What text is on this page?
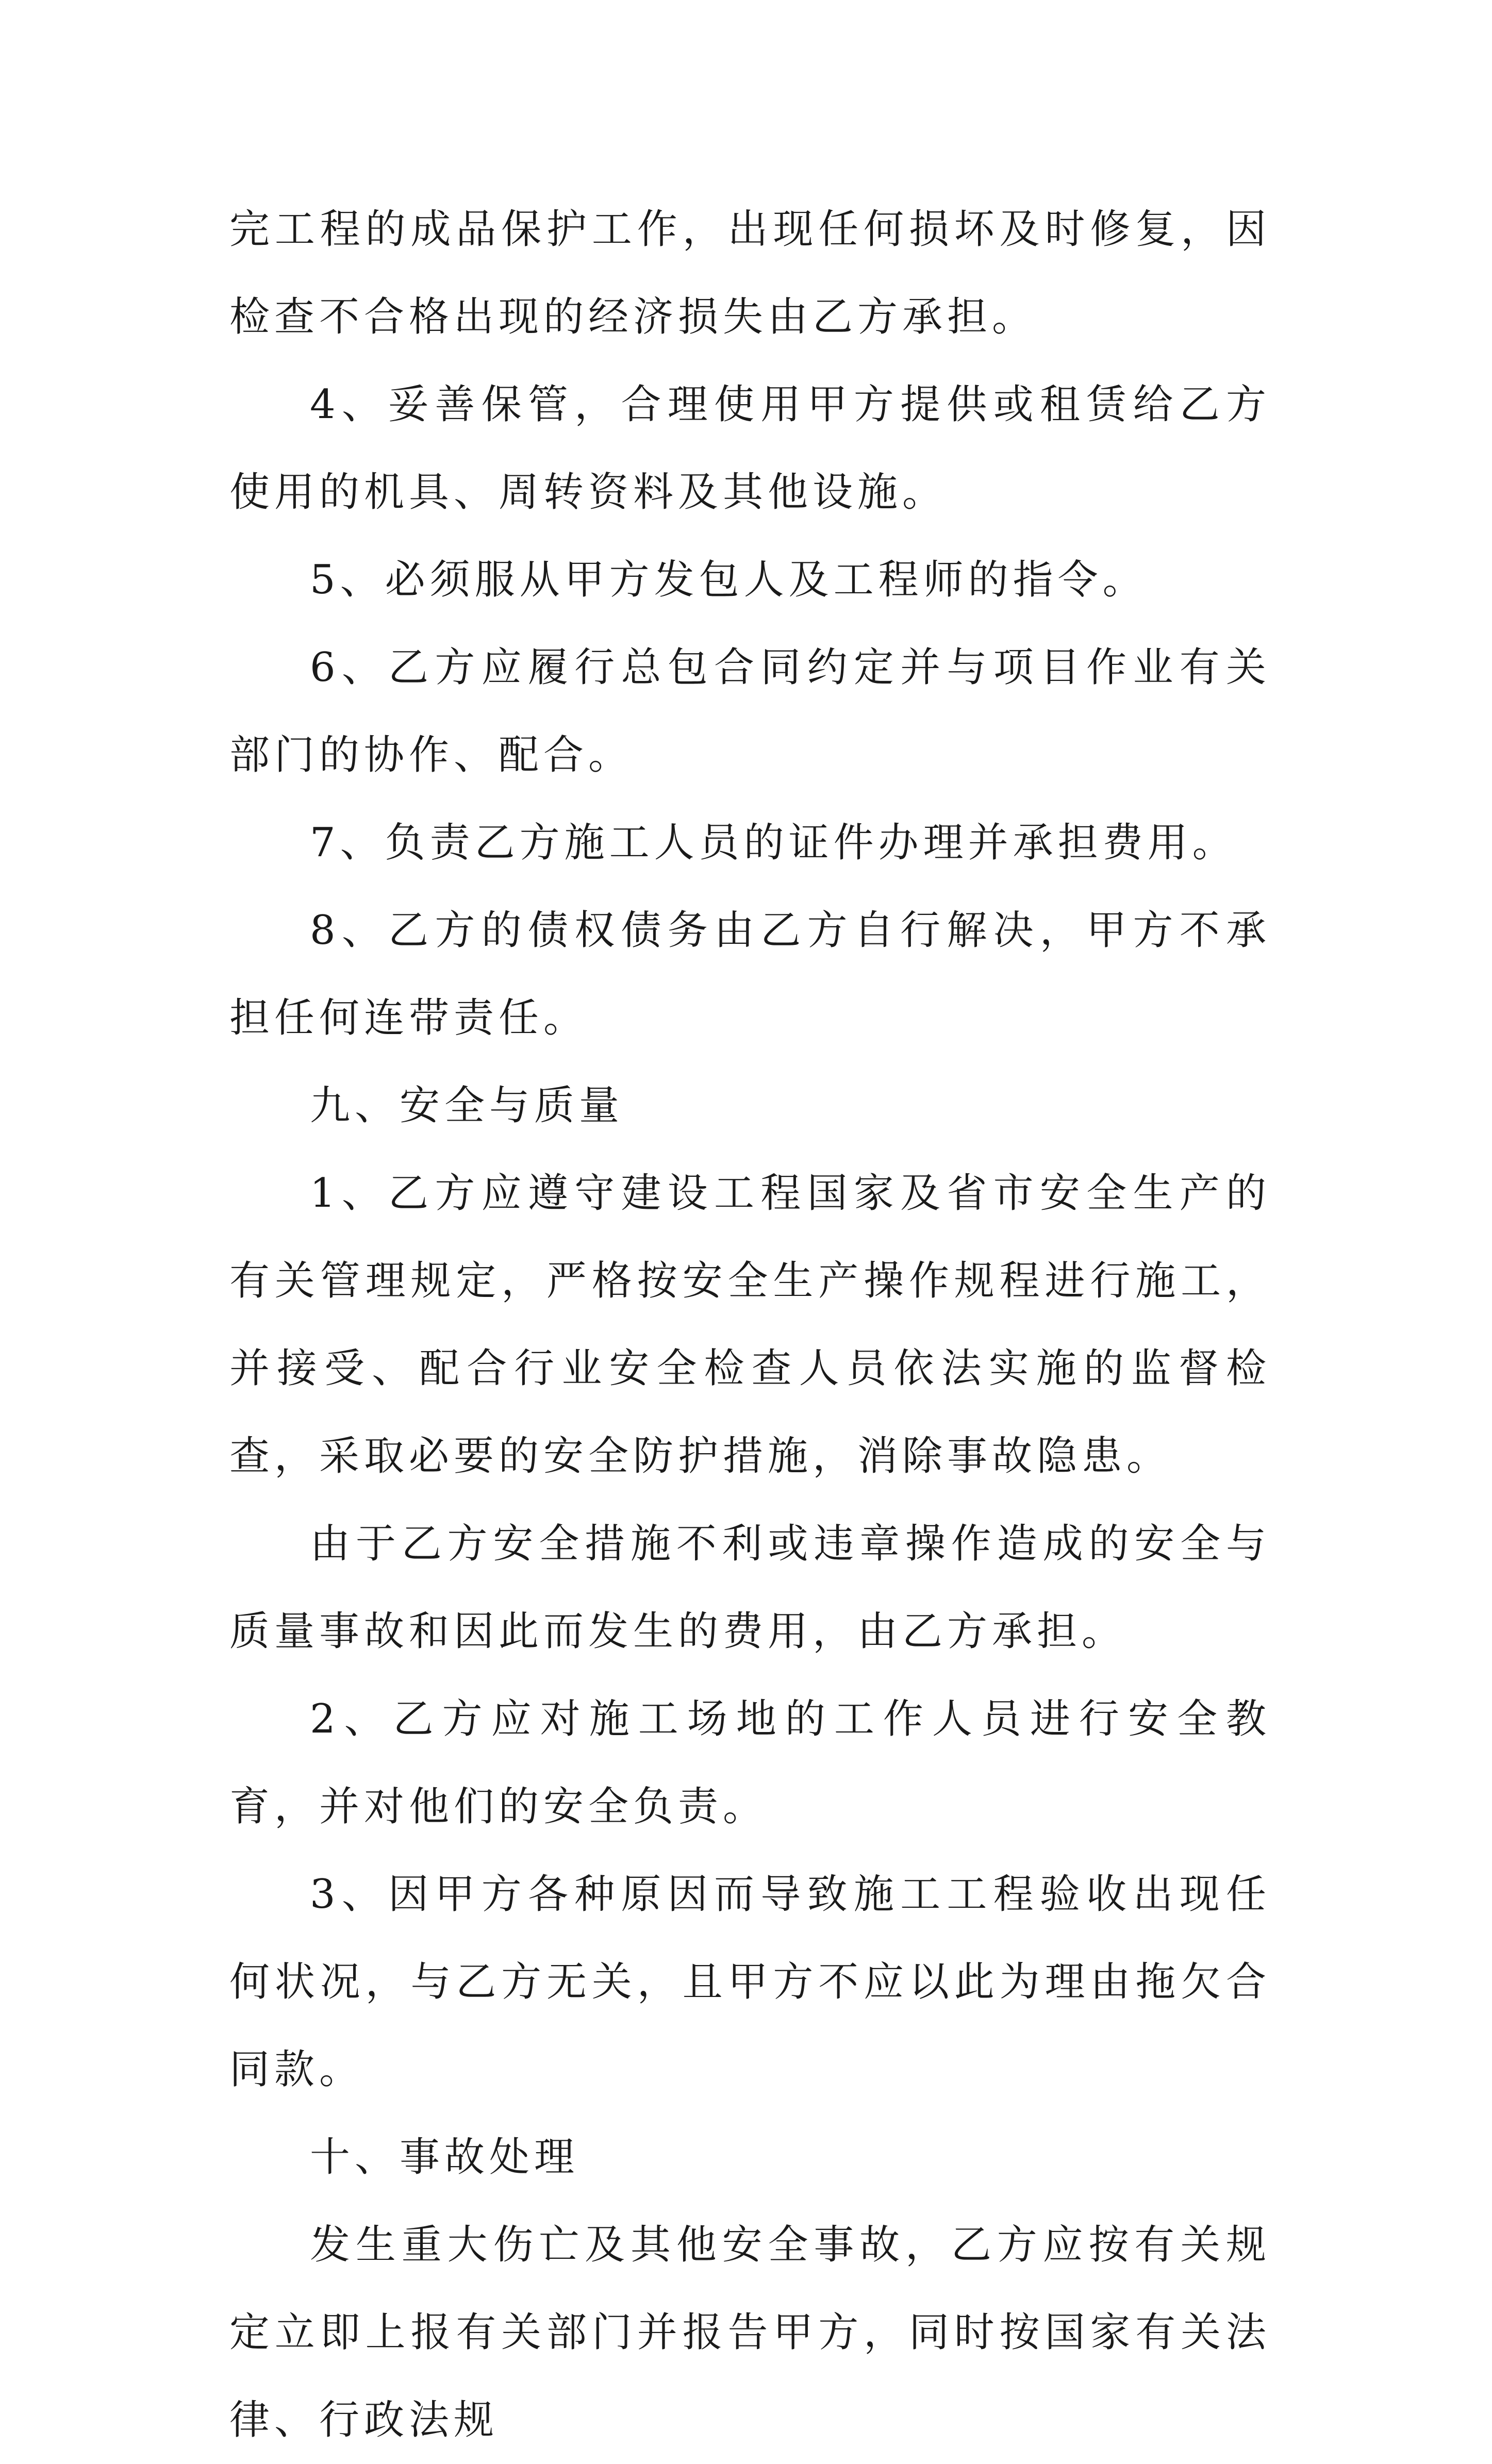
完工程的成品保护工作，出现任何损坏及时修复，因检查不合格出现的经济损失由乙方承担。

4、妥善保管，合理使用甲方提供或租赁给乙方使用的机具、周转资料及其他设施。

5、必须服从甲方发包人及工程师的指令。

6、乙方应履行总包合同约定并与项目作业有关部门的协作、配合。

7、负责乙方施工人员的证件办理并承担费用。

8、乙方的债权债务由乙方自行解决，甲方不承担任何连带责任。

九、安全与质量

1、乙方应遵守建设工程国家及省市安全生产的有关管理规定，严格按安全生产操作规程进行施工，并接受、配合行业安全检查人员依法实施的监督检查，采取必要的安全防护措施，消除事故隐患。

由于乙方安全措施不利或违章操作造成的安全与质量事故和因此而发生的费用，由乙方承担。

2、乙方应对施工场地的工作人员进行安全教育，并对他们的安全负责。

3、因甲方各种原因而导致施工工程验收出现任何状况，与乙方无关，且甲方不应以此为理由拖欠合同款。

十、事故处理

发生重大伤亡及其他安全事故，乙方应按有关规定立即上报有关部门并报告甲方，同时按国家有关法律、行政法规
